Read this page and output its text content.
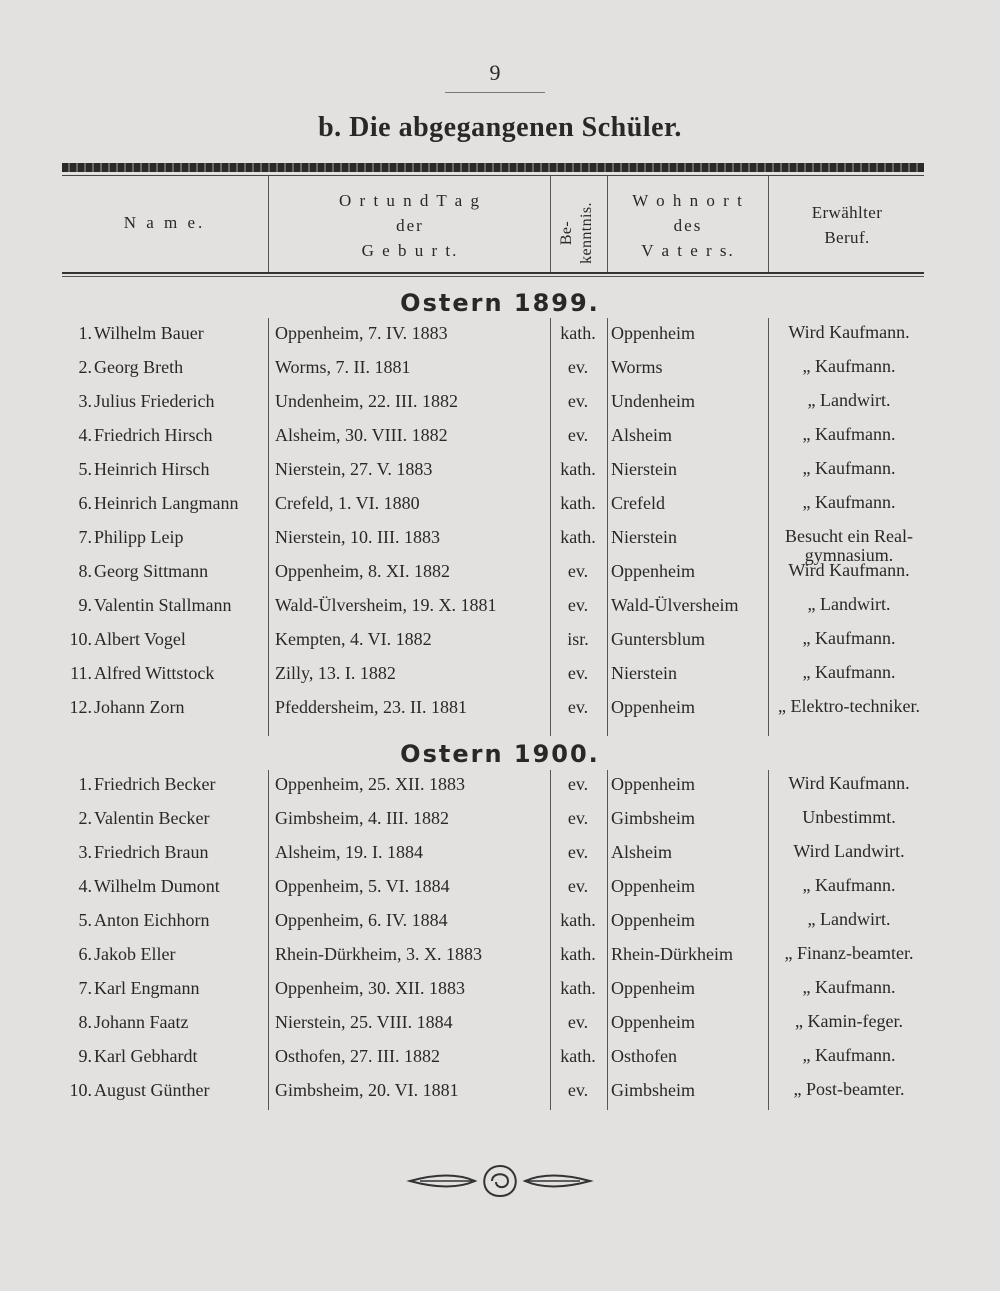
9
b. Die abgegangenen Schüler.
N a m e.
O r t u n d T a g
der
G e b u r t.
Be- kenntnis.
W o h n o r t
des
V a t e r s.
Erwählter
Beruf.
Ostern 1899.
Ostern 1900.
1. Wilhelm Bauer	Oppenheim, 7. IV. 1883	kath. Oppenheim	Wird Kaufmann.
2. Georg Breth	Worms, 7. II. 1881	ev.	Worms	„ Kaufmann.
3. Julius Friederich	Undenheim, 22. III. 1882	ev.	Undenheim	„ Landwirt.
4. Friedrich Hirsch	Alsheim, 30. VIII. 1882	ev.	Alsheim	„ Kaufmann.
5. Heinrich Hirsch	Nierstein, 27. V. 1883	kath. Nierstein	„ Kaufmann.
6. Heinrich Langmann	Crefeld, 1. VI. 1880	kath. Crefeld	„ Kaufmann.
7. Philipp Leip	Nierstein, 10. III. 1883	kath. Nierstein	Besucht ein Real-gymnasium.
8. Georg Sittmann	Oppenheim, 8. XI. 1882	ev.	Oppenheim	Wird Kaufmann.
9. Valentin Stallmann	Wald-Ülversheim, 19. X. 1881	ev.	Wald-Ülversheim	„ Landwirt.
10. Albert Vogel	Kempten, 4. VI. 1882	isr.	Guntersblum	„ Kaufmann.
11. Alfred Wittstock	Zilly, 13. I. 1882	ev.	Nierstein	„ Kaufmann.
12. Johann Zorn	Pfeddersheim, 23. II. 1881	ev.	Oppenheim	„ Elektro-techniker.
1. Friedrich Becker	Oppenheim, 25. XII. 1883	ev.	Oppenheim	Wird Kaufmann.
2. Valentin Becker	Gimbsheim, 4. III. 1882	ev.	Gimbsheim	Unbestimmt.
3. Friedrich Braun	Alsheim, 19. I. 1884	ev.	Alsheim	Wird Landwirt.
4. Wilhelm Dumont	Oppenheim, 5. VI. 1884	ev.	Oppenheim	„ Kaufmann.
5. Anton Eichhorn	Oppenheim, 6. IV. 1884	kath. Oppenheim	„ Landwirt.
6. Jakob Eller	Rhein-Dürkheim, 3. X. 1883	kath. Rhein-Dürkheim	„ Finanz-beamter.
7. Karl Engmann	Oppenheim, 30. XII. 1883	kath. Oppenheim	„ Kaufmann.
8. Johann Faatz	Nierstein, 25. VIII. 1884	ev.	Oppenheim	„ Kamin-feger.
9. Karl Gebhardt	Osthofen, 27. III. 1882	kath. Osthofen	„ Kaufmann.
10. August Günther	Gimbsheim, 20. VI. 1881	ev.	Gimbsheim	„ Post-beamter.
